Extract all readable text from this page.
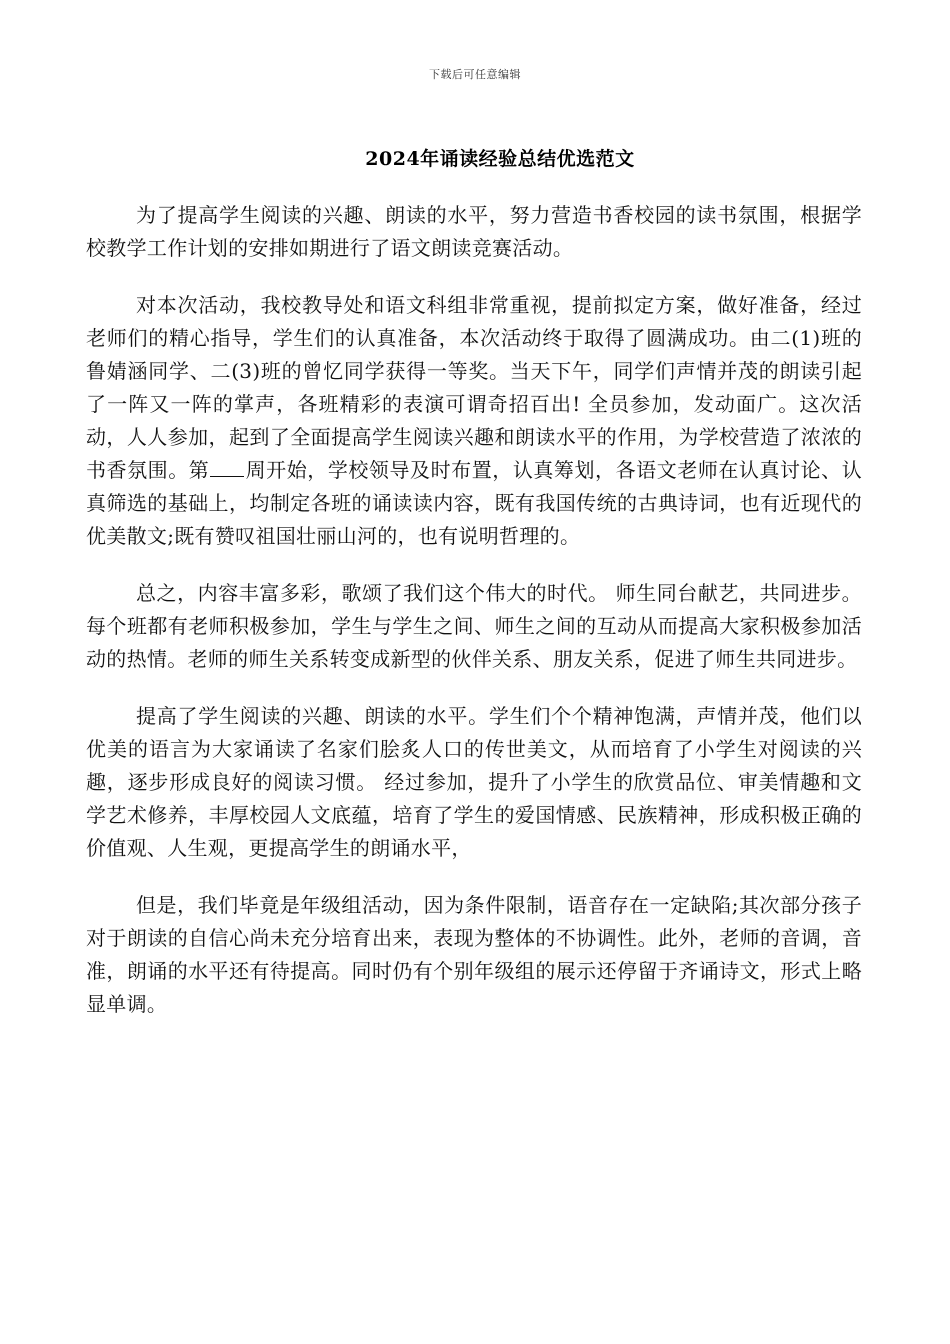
下载后可任意编辑
2024年诵读经验总结优选范文

为了提高学生阅读的兴趣、朗读的水平，努力营造书香校园的读书氛围，根据学校教学工作计划的安排如期进行了语文朗读竞赛活动。

对本次活动，我校教导处和语文科组非常重视，提前拟定方案，做好准备，经过老师们的精心指导，学生们的认真准备，本次活动终于取得了圆满成功。由二(1)班的鲁婧涵同学、二(3)班的曾忆同学获得一等奖。当天下午，同学们声情并茂的朗读引起了一阵又一阵的掌声，各班精彩的表演可谓奇招百出! 全员参加，发动面广。这次活动，人人参加，起到了全面提高学生阅读兴趣和朗读水平的作用，为学校营造了浓浓的书香氛围。第 周开始，学校领导及时布置，认真筹划，各语文老师在认真讨论、认真筛选的基础上，均制定各班的诵读读内容，既有我国传统的古典诗词，也有近现代的优美散文;既有赞叹祖国壮丽山河的，也有说明哲理的。

总之，内容丰富多彩，歌颂了我们这个伟大的时代。 师生同台献艺，共同进步。每个班都有老师积极参加，学生与学生之间、师生之间的互动从而提高大家积极参加活动的热情。老师的师生关系转变成新型的伙伴关系、朋友关系，促进了师生共同进步。

提高了学生阅读的兴趣、朗读的水平。学生们个个精神饱满，声情并茂，他们以优美的语言为大家诵读了名家们脍炙人口的传世美文，从而培育了小学生对阅读的兴趣，逐步形成良好的阅读习惯。 经过参加，提升了小学生的欣赏品位、审美情趣和文学艺术修养，丰厚校园人文底蕴，培育了学生的爱国情感、民族精神，形成积极正确的价值观、人生观，更提高学生的朗诵水平，

但是，我们毕竟是年级组活动，因为条件限制，语音存在一定缺陷;其次部分孩子对于朗读的自信心尚未充分培育出来，表现为整体的不协调性。此外，老师的音调，音准，朗诵的水平还有待提高。同时仍有个别年级组的展示还停留于齐诵诗文，形式上略显单调。
